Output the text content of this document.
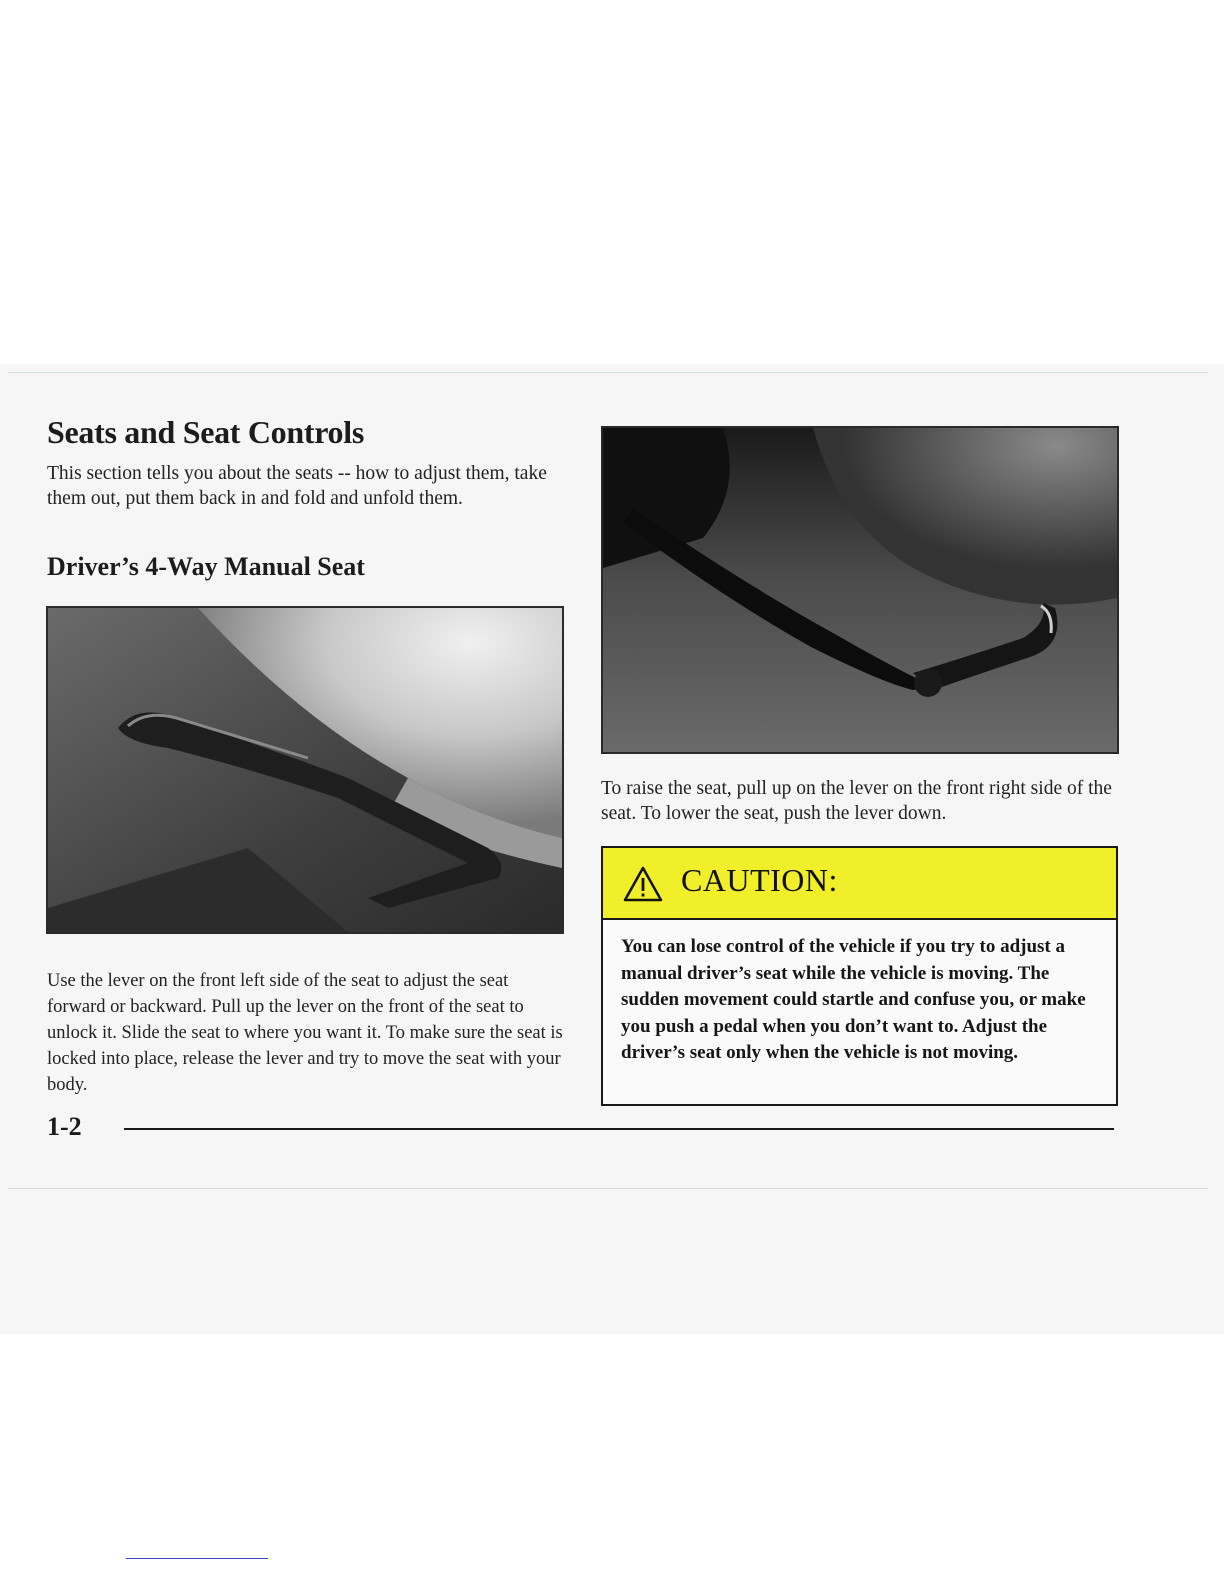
Seats and Seat Controls

This section tells you about the seats -- how to adjust them, take them out, put them back in and fold and unfold them.

Driver’s 4-Way Manual Seat

Use the lever on the front left side of the seat to adjust the seat forward or backward. Pull up the lever on the front of the seat to unlock it. Slide the seat to where you want it. To make sure the seat is locked into place, release the lever and try to move the seat with your body.

To raise the seat, pull up on the lever on the front right side of the seat. To lower the seat, push the lever down.

CAUTION:

You can lose control of the vehicle if you try to adjust a manual driver’s seat while the vehicle is moving. The sudden movement could startle and confuse you, or make you push a pedal when you don’t want to. Adjust the driver’s seat only when the vehicle is not moving.

1-2
